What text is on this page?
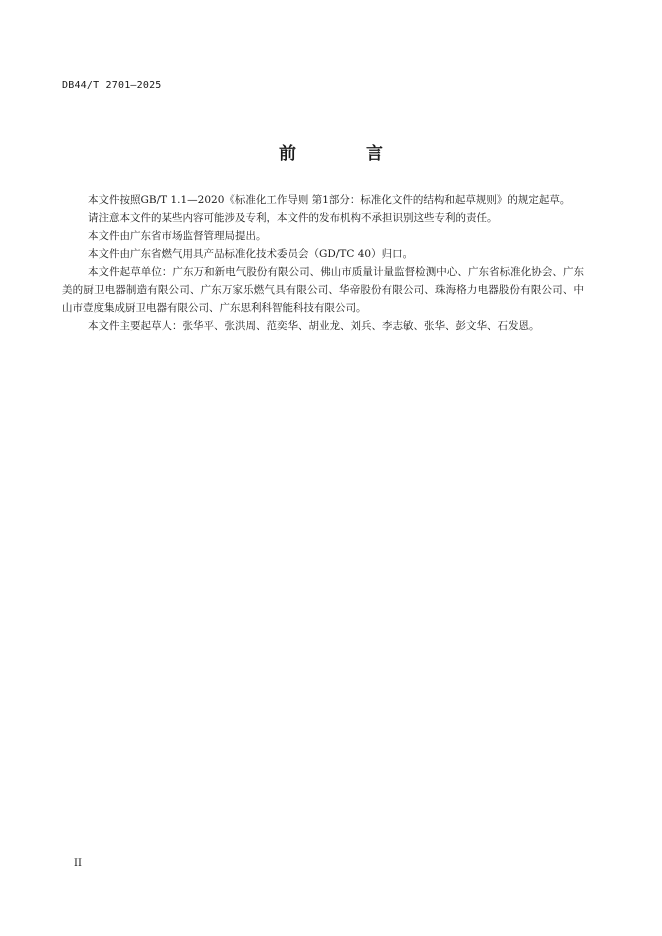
DB44/T 2701—2025
前 言

本文件按照GB/T 1.1—2020《标准化工作导则 第1部分：标准化文件的结构和起草规则》的规定起草。

请注意本文件的某些内容可能涉及专利，本文件的发布机构不承担识别这些专利的责任。

本文件由广东省市场监督管理局提出。

本文件由广东省燃气用具产品标准化技术委员会（GD/TC 40）归口。

本文件起草单位：广东万和新电气股份有限公司、佛山市质量计量监督检测中心、广东省标准化协会、广东美的厨卫电器制造有限公司、广东万家乐燃气具有限公司、华帝股份有限公司、珠海格力电器股份有限公司、中山市壹度集成厨卫电器有限公司、广东思利科智能科技有限公司。

本文件主要起草人：张华平、张洪周、范奕华、胡业龙、刘兵、李志敏、张华、彭文华、石发恩。

II
